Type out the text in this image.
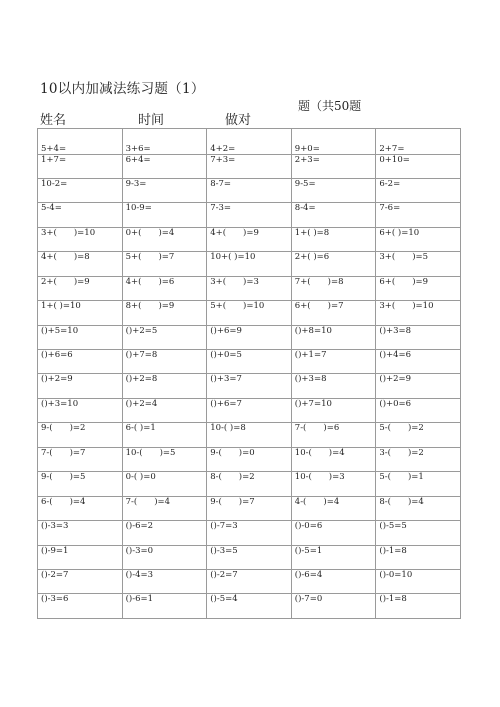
10以内加减法练习题（1）
姓名	时间	做对
题（共50题
5+4=	3+6=	4+2=	9+0=	2+7=
1+7=	6+4=	7+3=	2+3=	0+10=
10-2=	9-3=	8-7=	9-5=	6-2=
5-4=	10-9=	7-3=	8-4=	7-6=
3+(　　)=10	0+(　　)=4	4+(　　)=9	1+( )=8	6+( )=10
4+(　　)=8	5+(　　)=7	10+( )=10	2+( )=6	3+(　　)=5
2+(　　)=9	4+(　　)=6	3+(　　)=3	7+(　　)=8	6+(　　)=9
1+( )=10	8+(　　)=9	5+(　　)=10	6+(　　)=7	3+(　　)=10
()+5=10	()+2=5	()+6=9	()+8=10	()+3=8
()+6=6	()+7=8	()+0=5	()+1=7	()+4=6
()+2=9	()+2=8	()+3=7	()+3=8	()+2=9
()+3=10	()+2=4	()+6=7	()+7=10	()+0=6
9-(　　)=2	6-( )=1	10-( )=8	7-(　　)=6	5-(　　)=2
7-(　　)=7	10-(　　)=5	9-(　　)=0	10-(　　)=4	3-(　　)=2
9-(　　)=5	0-( )=0	8-(　　)=2	10-(　　)=3	5-(　　)=1
6-(　　)=4	7-(　　)=4	9-(　　)=7	4-(　　)=4	8-(　　)=4
()-3=3	()-6=2	()-7=3	()-0=6	()-5=5
()-9=1	()-3=0	()-3=5	()-5=1	()-1=8
()-2=7	()-4=3	()-2=7	()-6=4	()-0=10
()-3=6	()-6=1	()-5=4	()-7=0	()-1=8
